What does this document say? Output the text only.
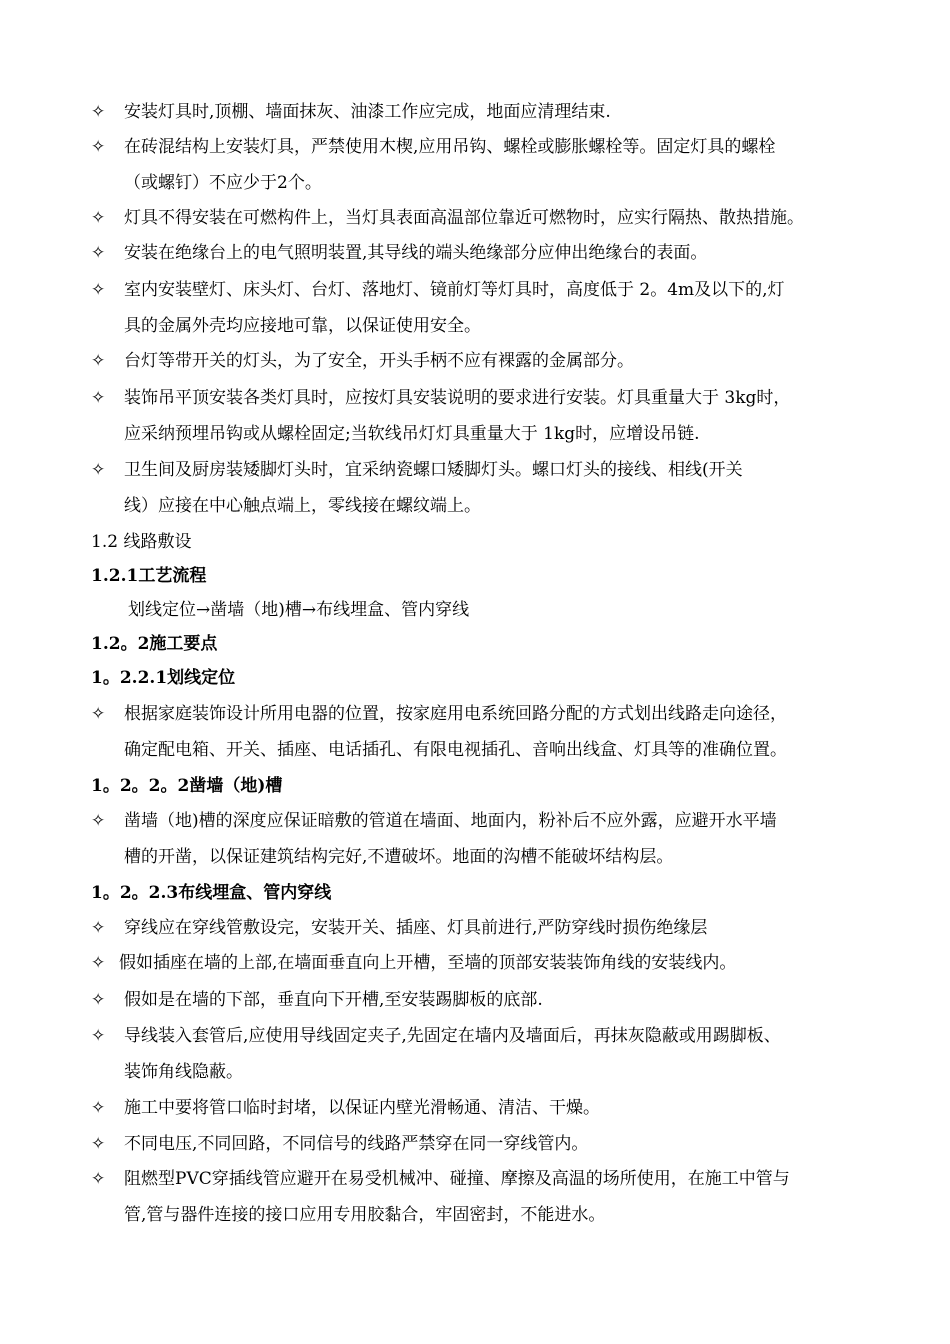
✧	安装灯具时,顶棚、墙面抹灰、油漆工作应完成，地面应清理结束.
✧	在砖混结构上安装灯具，严禁使用木楔,应用吊钩、螺栓或膨胀螺栓等。固定灯具的螺栓
（或螺钉）不应少于2个。
✧	灯具不得安装在可燃构件上，当灯具表面高温部位靠近可燃物时，应实行隔热、散热措施。
✧	安装在绝缘台上的电气照明装置,其导线的端头绝缘部分应伸出绝缘台的表面。
✧	室内安装壁灯、床头灯、台灯、落地灯、镜前灯等灯具时，高度低于 2。4m及以下的,灯
具的金属外壳均应接地可靠，以保证使用安全。
✧	台灯等带开关的灯头，为了安全，开头手柄不应有裸露的金属部分。
✧	装饰吊平顶安装各类灯具时，应按灯具安装说明的要求进行安装。灯具重量大于 3kg时，
应采纳预埋吊钩或从螺栓固定;当软线吊灯灯具重量大于 1kg时，应增设吊链.
✧	卫生间及厨房装矮脚灯头时，宜采纳瓷螺口矮脚灯头。螺口灯头的接线、相线(开关
线）应接在中心触点端上，零线接在螺纹端上。
1.2 线路敷设
1.2.1工艺流程
划线定位→凿墙（地)槽→布线埋盒、管内穿线
1.2。2施工要点
1。2.2.1划线定位
✧	根据家庭装饰设计所用电器的位置，按家庭用电系统回路分配的方式划出线路走向途径，
确定配电箱、开关、插座、电话插孔、有限电视插孔、音响出线盒、灯具等的准确位置。
1。2。2。2凿墙（地)槽
✧	凿墙（地)槽的深度应保证暗敷的管道在墙面、地面内，粉补后不应外露，应避开水平墙
槽的开凿，以保证建筑结构完好,不遭破坏。地面的沟槽不能破坏结构层。
1。2。2.3布线埋盒、管内穿线
✧	穿线应在穿线管敷设完，安装开关、插座、灯具前进行,严防穿线时损伤绝缘层
✧ 假如插座在墙的上部,在墙面垂直向上开槽，至墙的顶部安装装饰角线的安装线内。
✧	假如是在墙的下部，垂直向下开槽,至安装踢脚板的底部.
✧	导线装入套管后,应使用导线固定夹子,先固定在墙内及墙面后，再抹灰隐蔽或用踢脚板、
装饰角线隐蔽。
✧	施工中要将管口临时封堵，以保证内壁光滑畅通、清洁、干燥。
✧	不同电压,不同回路，不同信号的线路严禁穿在同一穿线管内。
✧	阻燃型PVC穿插线管应避开在易受机械冲、碰撞、摩擦及高温的场所使用，在施工中管与
管,管与器件连接的接口应用专用胶黏合，牢固密封，不能进水。
